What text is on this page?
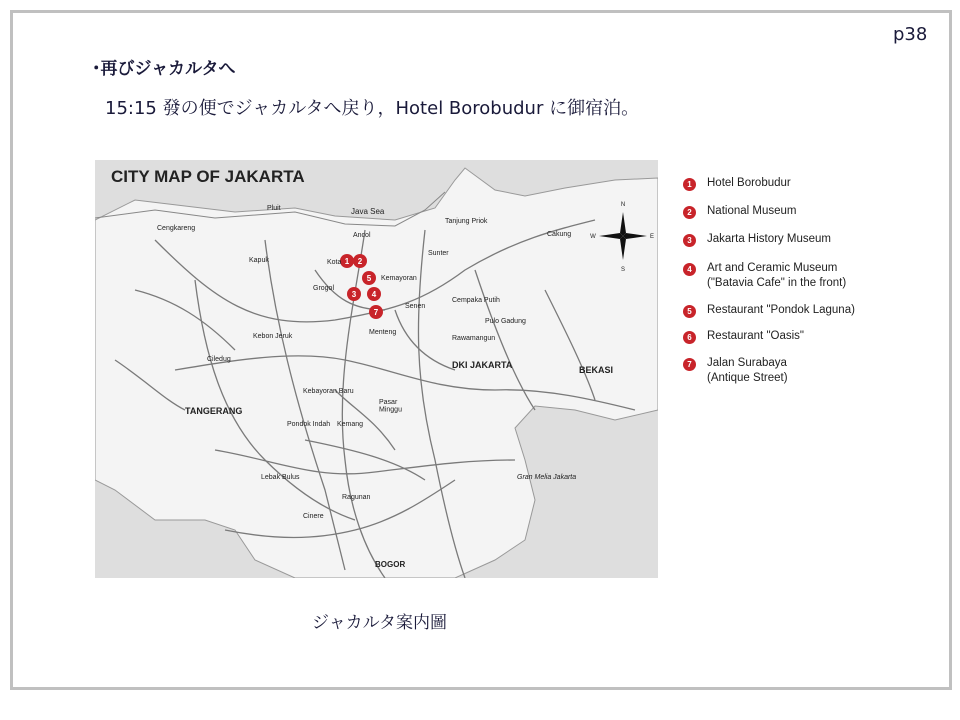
p38
･再びジャカルタへ
15:15 發の便でジャカルタへ戻り，Hotel Borobudur に御宿泊。
1 2
5
3 4
7
N
S
E
W
CITY MAP OF JAKARTA
Java Sea
Pluit
Tanjung Priok
Cengkareng
Ancol	Cakung
Kapuk	Kota
Sunter
Kemayoran
Grogol
Senen
Cempaka Putih
Pulo Gadung
Kebon Jeruk
Menteng
Rawamangun
Ciledug
DKI JAKARTA	BEKASI
Kebayoran Baru
TANGERANG
Pasar Minggu
Pondok Indah Kemang
Lebak Bulus
Ragunan
Cinere
BOGOR
Gran Melia Jakarta
1	Hotel Borobudur
2	National Museum
3	Jakarta History Museum
4	Art and Ceramic Museum
("Batavia Cafe" in the front)
5	Restaurant "Pondok Laguna)
6	Restaurant "Oasis"
7	Jalan Surabaya
(Antique Street)
ジャカルタ案内圖
